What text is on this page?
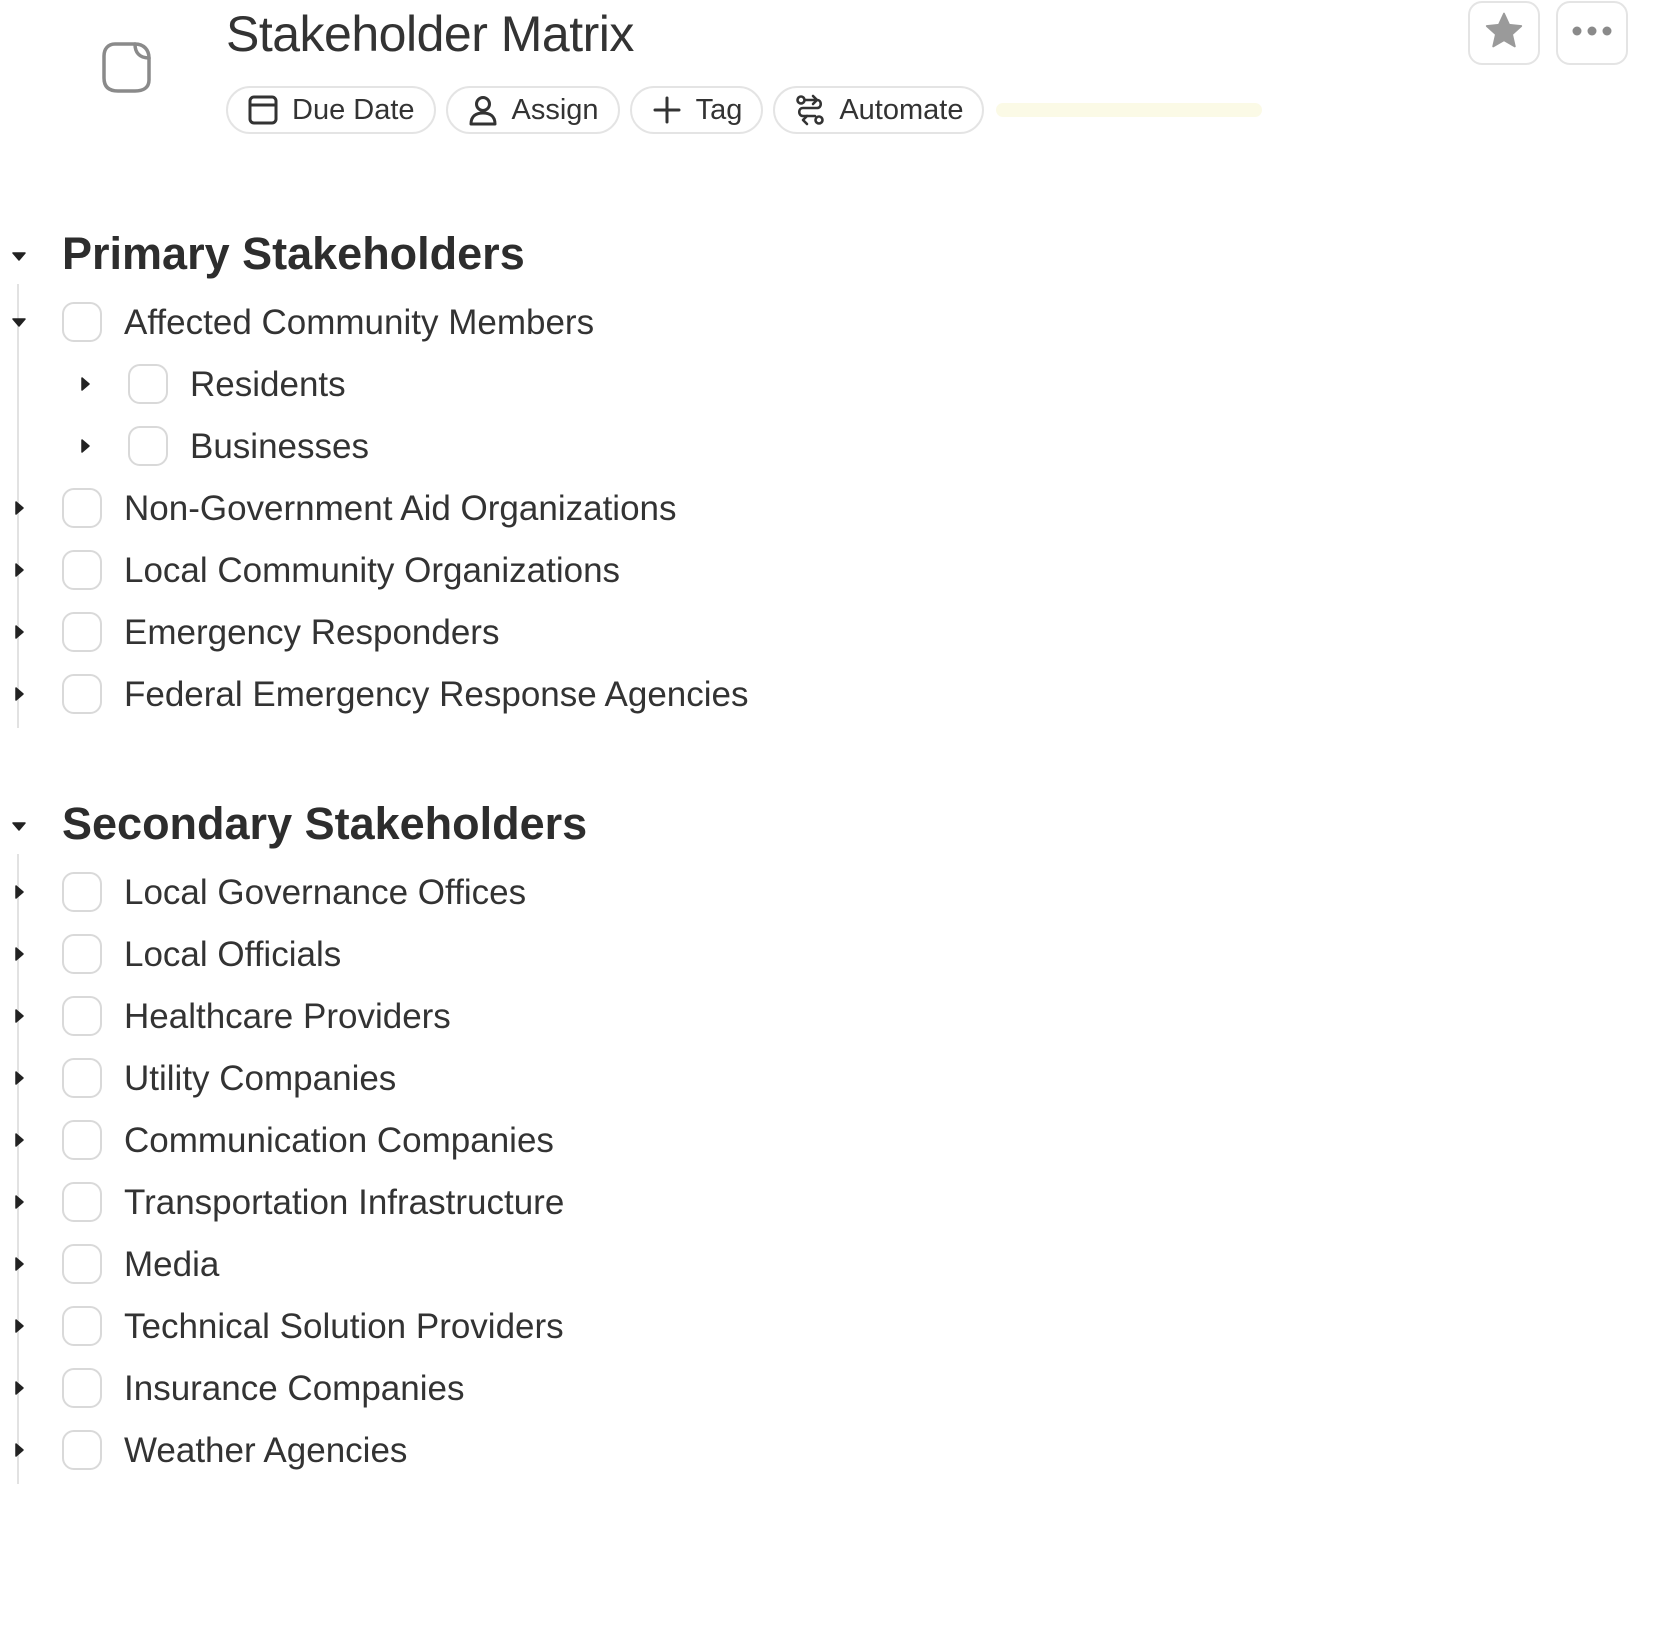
Stakeholder Matrix
Due Date	Assign	Tag	Automate
Primary Stakeholders
Affected Community Members
Residents
Businesses
Non-Government Aid Organizations
Local Community Organizations
Emergency Responders
Federal Emergency Response Agencies
Secondary Stakeholders
Local Governance Offices
Local Officials
Healthcare Providers
Utility Companies
Communication Companies
Transportation Infrastructure
Media
Technical Solution Providers
Insurance Companies
Weather Agencies
